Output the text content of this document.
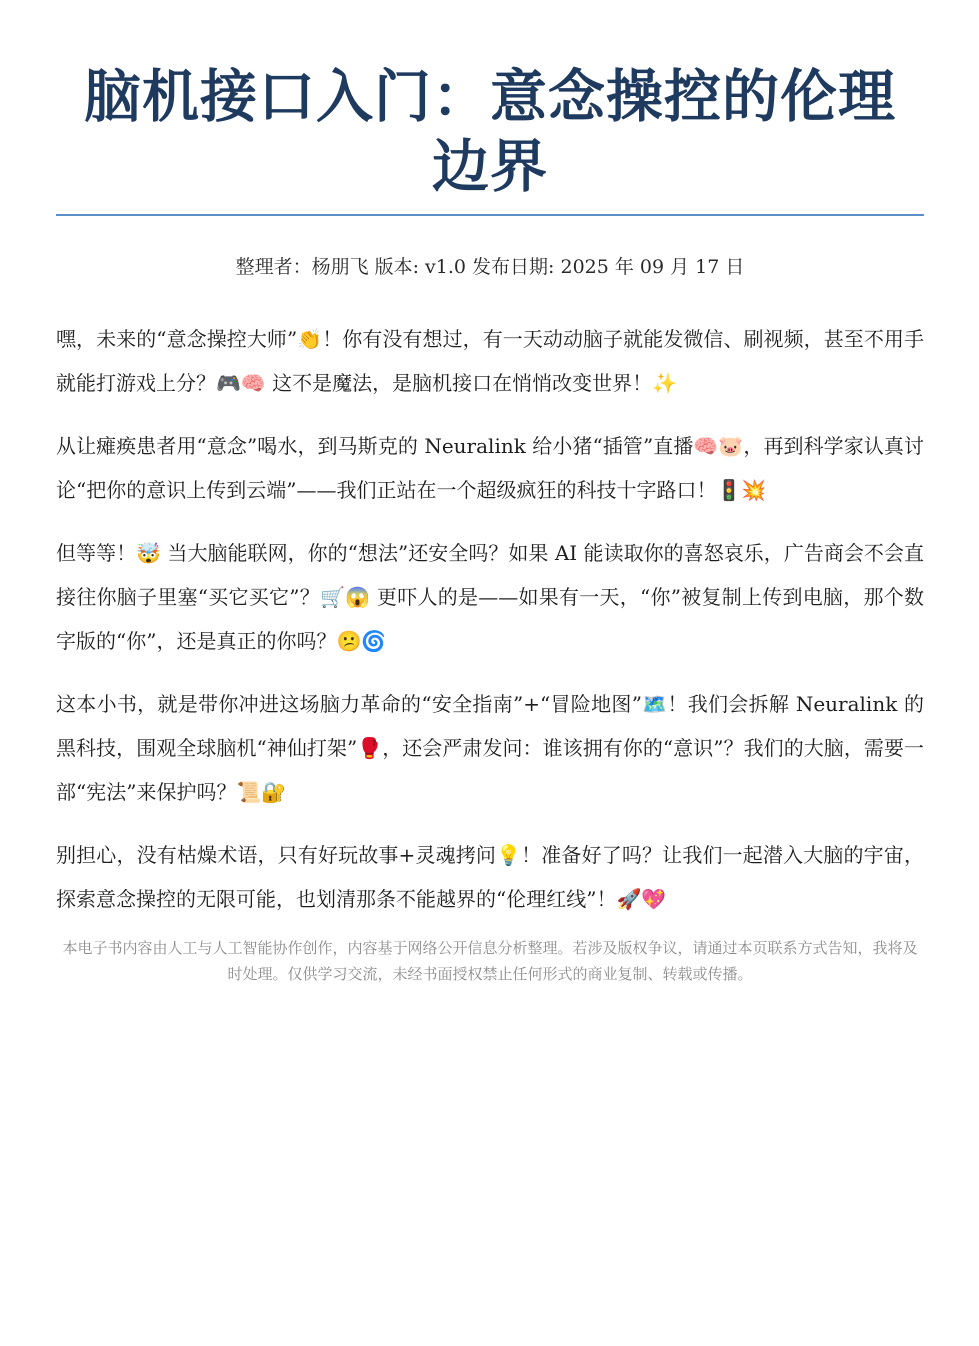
脑机接口入门：意念操控的伦理边界
整理者：杨朋飞 版本: v1.0 发布日期: 2025 年 09 月 17 日

嘿，未来的“意念操控大师”👏！你有没有想过，有一天动动脑子就能发微信、刷视频，甚至不用手就能打游戏上分？🎮🧠 这不是魔法，是脑机接口在悄悄改变世界！✨

从让瘫痪患者用“意念”喝水，到马斯克的 Neuralink 给小猪“插管”直播🧠🐷，再到科学家认真讨论“把你的意识上传到云端”——我们正站在一个超级疯狂的科技十字路口！🚦💥

但等等！🤯 当大脑能联网，你的“想法”还安全吗？如果 AI 能读取你的喜怒哀乐，广告商会不会直接往你脑子里塞“买它买它”？🛒😱 更吓人的是——如果有一天，“你”被复制上传到电脑，那个数字版的“你”，还是真正的你吗？😕🌀

这本小书，就是带你冲进这场脑力革命的“安全指南”+“冒险地图”🗺️！我们会拆解 Neuralink 的黑科技，围观全球脑机“神仙打架”🥊，还会严肃发问：谁该拥有你的“意识”？我们的大脑，需要一部“宪法”来保护吗？📜🔐

别担心，没有枯燥术语，只有好玩故事+灵魂拷问💡！准备好了吗？让我们一起潜入大脑的宇宙，探索意念操控的无限可能，也划清那条不能越界的“伦理红线”！🚀💖

本电子书内容由人工与人工智能协作创作，内容基于网络公开信息分析整理。若涉及版权争议，请通过本页联系方式告知，我将及时处理。仅供学习交流，未经书面授权禁止任何形式的商业复制、转载或传播。
